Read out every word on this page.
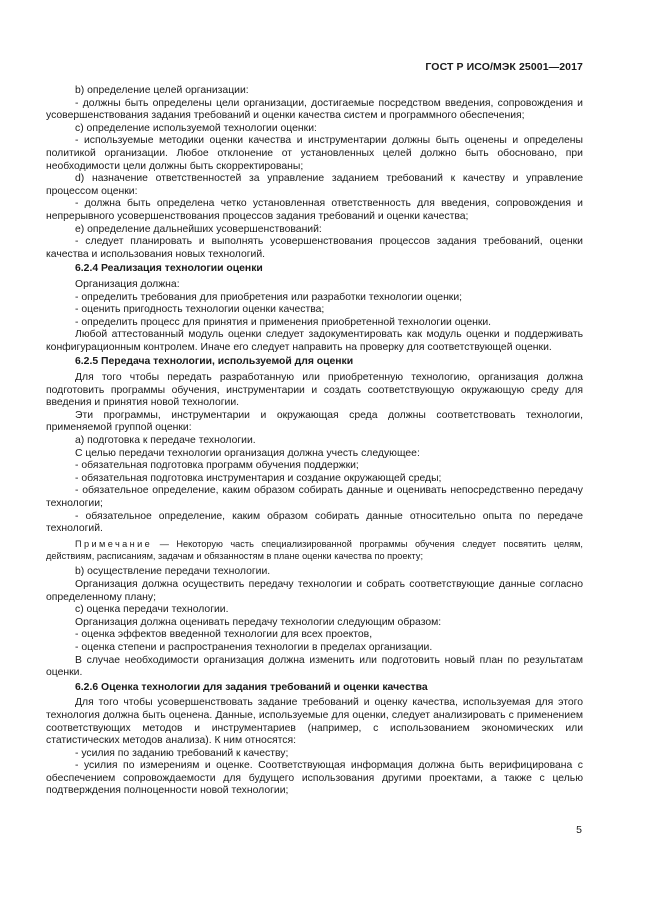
ГОСТ Р ИСО/МЭК 25001—2017

b) определение целей организации:

- должны быть определены цели организации, достигаемые посредством введения, сопровождения и усовершенствования задания требований и оценки качества систем и программного обеспечения;

с) определение используемой технологии оценки:

- используемые методики оценки качества и инструментарии должны быть оценены и определены политикой организации. Любое отклонение от установленных целей должно быть обосновано, при необходимости цели должны быть скорректированы;

d) назначение ответственностей за управление заданием требований к качеству и управление процессом оценки:

- должна быть определена четко установленная ответственность для введения, сопровождения и непрерывного усовершенствования процессов задания требований и оценки качества;

е) определение дальнейших усовершенствований:

- следует планировать и выполнять усовершенствования процессов задания требований, оценки качества и использования новых технологий.

6.2.4 Реализация технологии оценки

Организация должна:

- определить требования для приобретения или разработки технологии оценки;

- оценить пригодность технологии оценки качества;

- определить процесс для принятия и применения приобретенной технологии оценки.

Любой аттестованный модуль оценки следует задокументировать как модуль оценки и поддерживать конфигурационным контролем. Иначе его следует направить на проверку для соответствующей оценки.

6.2.5 Передача технологии, используемой для оценки

Для того чтобы передать разработанную или приобретенную технологию, организация должна подготовить программы обучения, инструментарии и создать соответствующую окружающую среду для введения и принятия новой технологии.

Эти программы, инструментарии и окружающая среда должны соответствовать технологии, применяемой группой оценки:

а) подготовка к передаче технологии.

С целью передачи технологии организация должна учесть следующее:

- обязательная подготовка программ обучения поддержки;

- обязательная подготовка инструментария и создание окружающей среды;

- обязательное определение, каким образом собирать данные и оценивать непосредственно передачу технологии;

- обязательное определение, каким образом собирать данные относительно опыта по передаче технологий.

Примечание — Некоторую часть специализированной программы обучения следует посвятить целям, действиям, расписаниям, задачам и обязанностям в плане оценки качества по проекту;

b) осуществление передачи технологии.

Организация должна осуществить передачу технологии и собрать соответствующие данные согласно определенному плану;

с) оценка передачи технологии.

Организация должна оценивать передачу технологии следующим образом:

- оценка эффектов введенной технологии для всех проектов,

- оценка степени и распространения технологии в пределах организации.

В случае необходимости организация должна изменить или подготовить новый план по результатам оценки.

6.2.6 Оценка технологии для задания требований и оценки качества

Для того чтобы усовершенствовать задание требований и оценку качества, используемая для этого технология должна быть оценена. Данные, используемые для оценки, следует анализировать с применением соответствующих методов и инструментариев (например, с использованием экономических или статистических методов анализа). К ним относятся:

- усилия по заданию требований к качеству;

- усилия по измерениям и оценке. Соответствующая информация должна быть верифицирована с обеспечением сопровождаемости для будущего использования другими проектами, а также с целью подтверждения полноценности новой технологии;

5
